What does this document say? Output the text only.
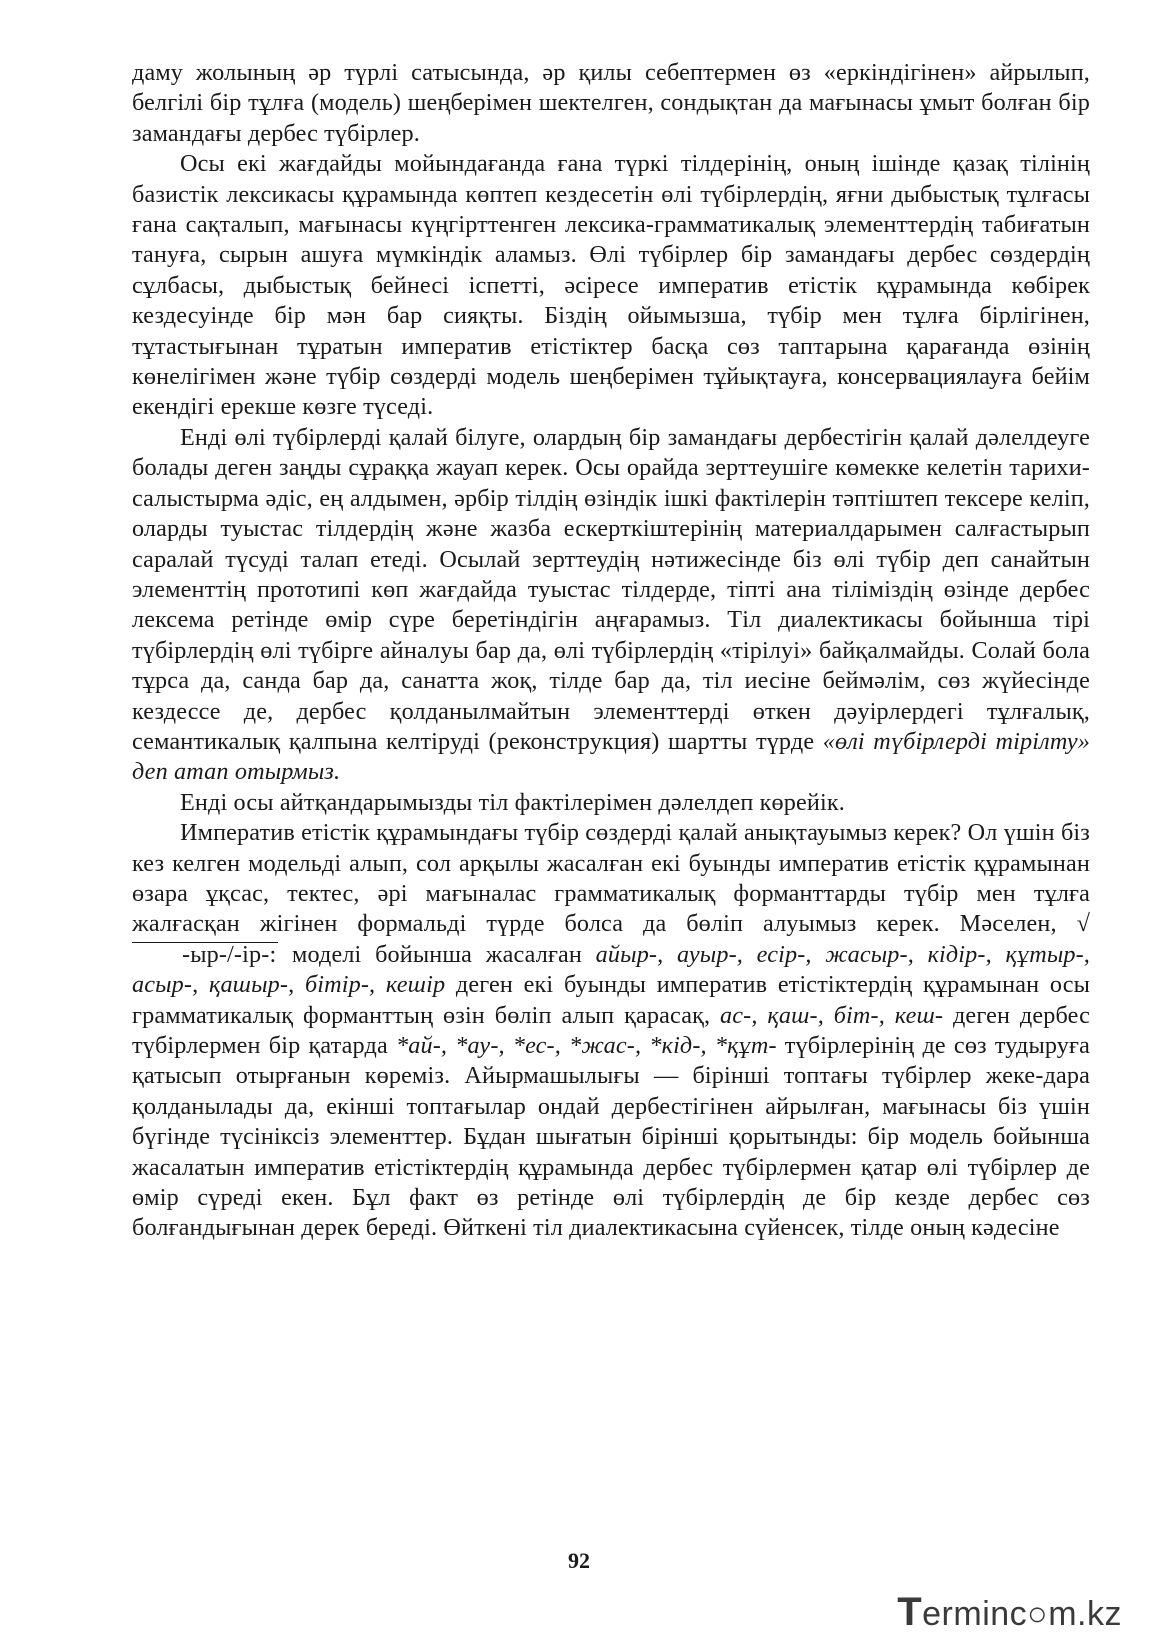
даму жолының әр түрлі сатысында, әр қилы себептермен өз «еркіндігінен» айрылып, белгілі бір тұлға (модель) шеңберімен шектелген, сондықтан да мағынасы ұмыт болған бір замандағы дербес түбірлер.

Осы екі жағдайды мойындағанда ғана түркі тілдерінің, оның ішінде қазақ тілінің базистік лексикасы құрамында көптеп кездесетін өлі түбірлердің, яғни дыбыстық тұлғасы ғана сақталып, мағынасы күңгірттенген лексика-грамматикалық элементтердің табиғатын тануға, сырын ашуға мүмкіндік аламыз. Өлі түбірлер бір замандағы дербес сөздердің сұлбасы, дыбыстық бейнесі іспетті, әсіресе императив етістік құрамында көбірек кездесуінде бір мән бар сияқты. Біздің ойымызша, түбір мен тұлға бірлігінен, тұтастығынан тұратын императив етістіктер басқа сөз таптарына қарағанда өзінің көнелігімен және түбір сөздерді модель шеңберімен тұйықтауға, консервациялауға бейім екендігі ерекше көзге түседі.

Енді өлі түбірлерді қалай білуге, олардың бір замандағы дербестігін қалай дәлелдеуге болады деген заңды сұраққа жауап керек. Осы орайда зерттеушіге көмекке келетін тарихи-салыстырма әдіс, ең алдымен, әрбір тілдің өзіндік ішкі фактілерін тәптіштеп тексере келіп, оларды туыстас тілдердің және жазба ескерткіштерінің материалдарымен салғастырып саралай түсуді талап етеді. Осылай зерттеудің нәтижесінде біз өлі түбір деп санайтын элементтің прототипі көп жағдайда туыстас тілдерде, тіпті ана тіліміздің өзінде дербес лексема ретінде өмір сүре беретіндігін аңғарамыз. Тіл диалектикасы бойынша тірі түбірлердің өлі түбірге айналуы бар да, өлі түбірлердің «тірілуі» байқалмайды. Солай бола тұрса да, санда бар да, санатта жоқ, тілде бар да, тіл иесіне беймәлім, сөз жүйесінде кездессе де, дербес қолданылмайтын элементтерді өткен дәуірлердегі тұлғалық, семантикалық қалпына келтіруді (реконструкция) шартты түрде «өлі түбірлерді тірілту» деп атап отырмыз.

Енді осы айтқандарымызды тіл фактілерімен дәлелдеп көрейік.

Императив етістік құрамындағы түбір сөздерді қалай анықтауымыз керек? Ол үшін біз кез келген модельді алып, сол арқылы жасалған екі буынды императив етістік құрамынан өзара ұқсас, тектес, әрі мағыналас грамматикалық форманттарды түбір мен тұлға жалғасқан жігінен формальді түрде болса да бөліп алуымыз керек. Мәселен, √-ыр-/-ір-: моделі бойынша жасалған айыр-, ауыр-, есір-, жасыр-, кідір-, құтыр-, асыр-, қашыр-, бітір-, кешір деген екі буынды императив етістіктердің құрамынан осы грамматикалық форманттың өзін бөліп алып қарасақ, ас-, қаш-, біт-, кеш- деген дербес түбірлермен бір қатарда *ай-, *ау-, *ес-, *жас-, *кід-, *құт- түбірлерінің де сөз тудыруға қатысып отырғанын көреміз. Айырмашылығы — бірінші топтағы түбірлер жеке-дара қолданылады да, екінші топтағылар ондай дербестігінен айрылған, мағынасы біз үшін бүгінде түсініксіз элементтер. Бұдан шығатын бірінші қорытынды: бір модель бойынша жасалатын императив етістіктердің құрамында дербес түбірлермен қатар өлі түбірлер де өмір сүреді екен. Бұл факт өз ретінде өлі түбірлердің де бір кезде дербес сөз болғандығынан дерек береді. Өйткені тіл диалектикасына сүйенсек, тілде оның кәдесіне

92
Terminc○m.kz
